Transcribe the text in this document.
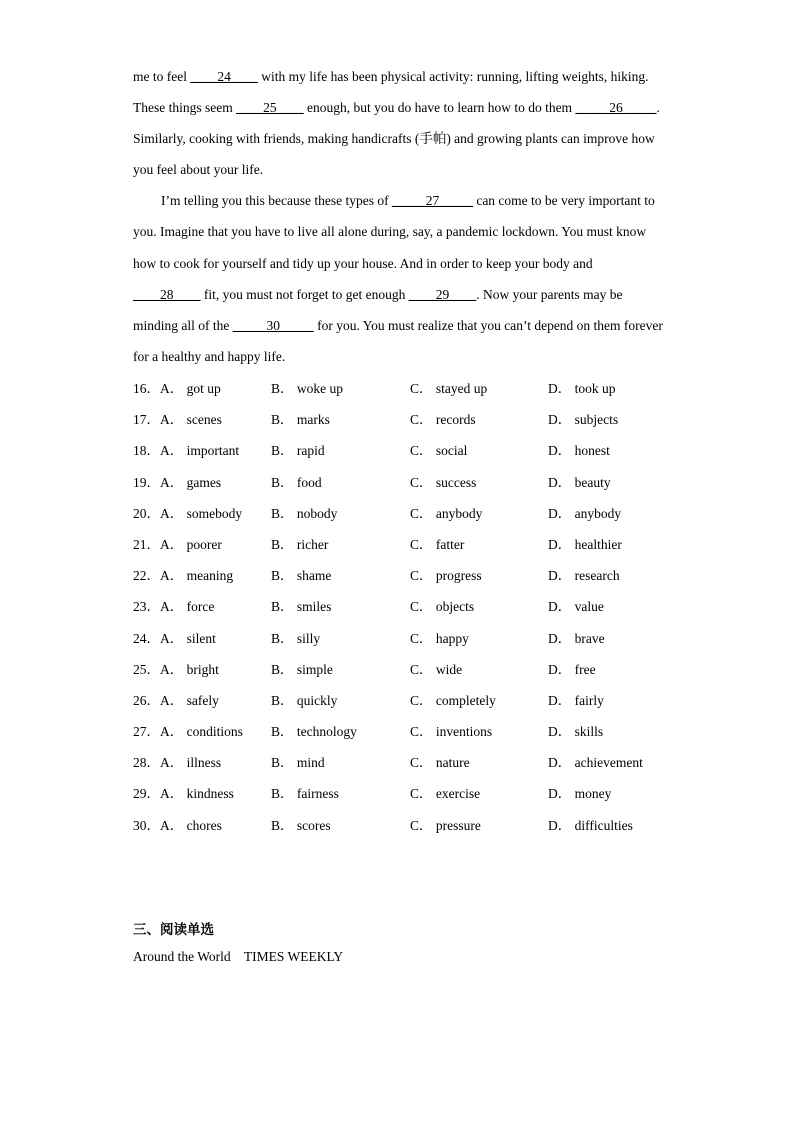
me to feel ____24____ with my life has been physical activity: running, lifting weights, hiking. These things seem ____25____ enough, but you do have to learn how to do them _____26_____. Similarly, cooking with friends, making handicrafts (手帕) and growing plants can improve how you feel about your life.

I’m telling you this because these types of _____27_____ can come to be very important to you. Imagine that you have to live all alone during, say, a pandemic lockdown. You must know how to cook for yourself and tidy up your house. And in order to keep your body and ____28____ fit, you must not forget to get enough ____29____. Now your parents may be minding all of the _____30_____ for you. You must realize that you can’t depend on them forever for a healthy and happy life.

16．A． got up	B． woke up	C． stayed up	D． took up
17．A． scenes	B． marks	C． records	D． subjects
18．A． important B． rapid	C． social	D． honest
19．A． games	B． food	C． success	D． beauty
20．A． somebody B． nobody	C． anybody	D． anybody
21．A． poorer	B． richer	C． fatter	D． healthier
22．A． meaning	B． shame	C． progress	D． research
23．A． force	B． smiles	C． objects	D． value
24．A． silent	B． silly	C． happy	D． brave
25．A． bright	B． simple	C． wide	D． free
26．A． safely	B． quickly	C． completely	D． fairly
27．A． conditions B． technology	C． inventions	D． skills
28．A． illness	B． mind	C． nature	D． achievement
29．A． kindness	B． fairness	C． exercise	D． money
30．A． chores	B． scores	C． pressure	D． difficulties
三、阅读单选
Around the World    TIMES WEEKLY
